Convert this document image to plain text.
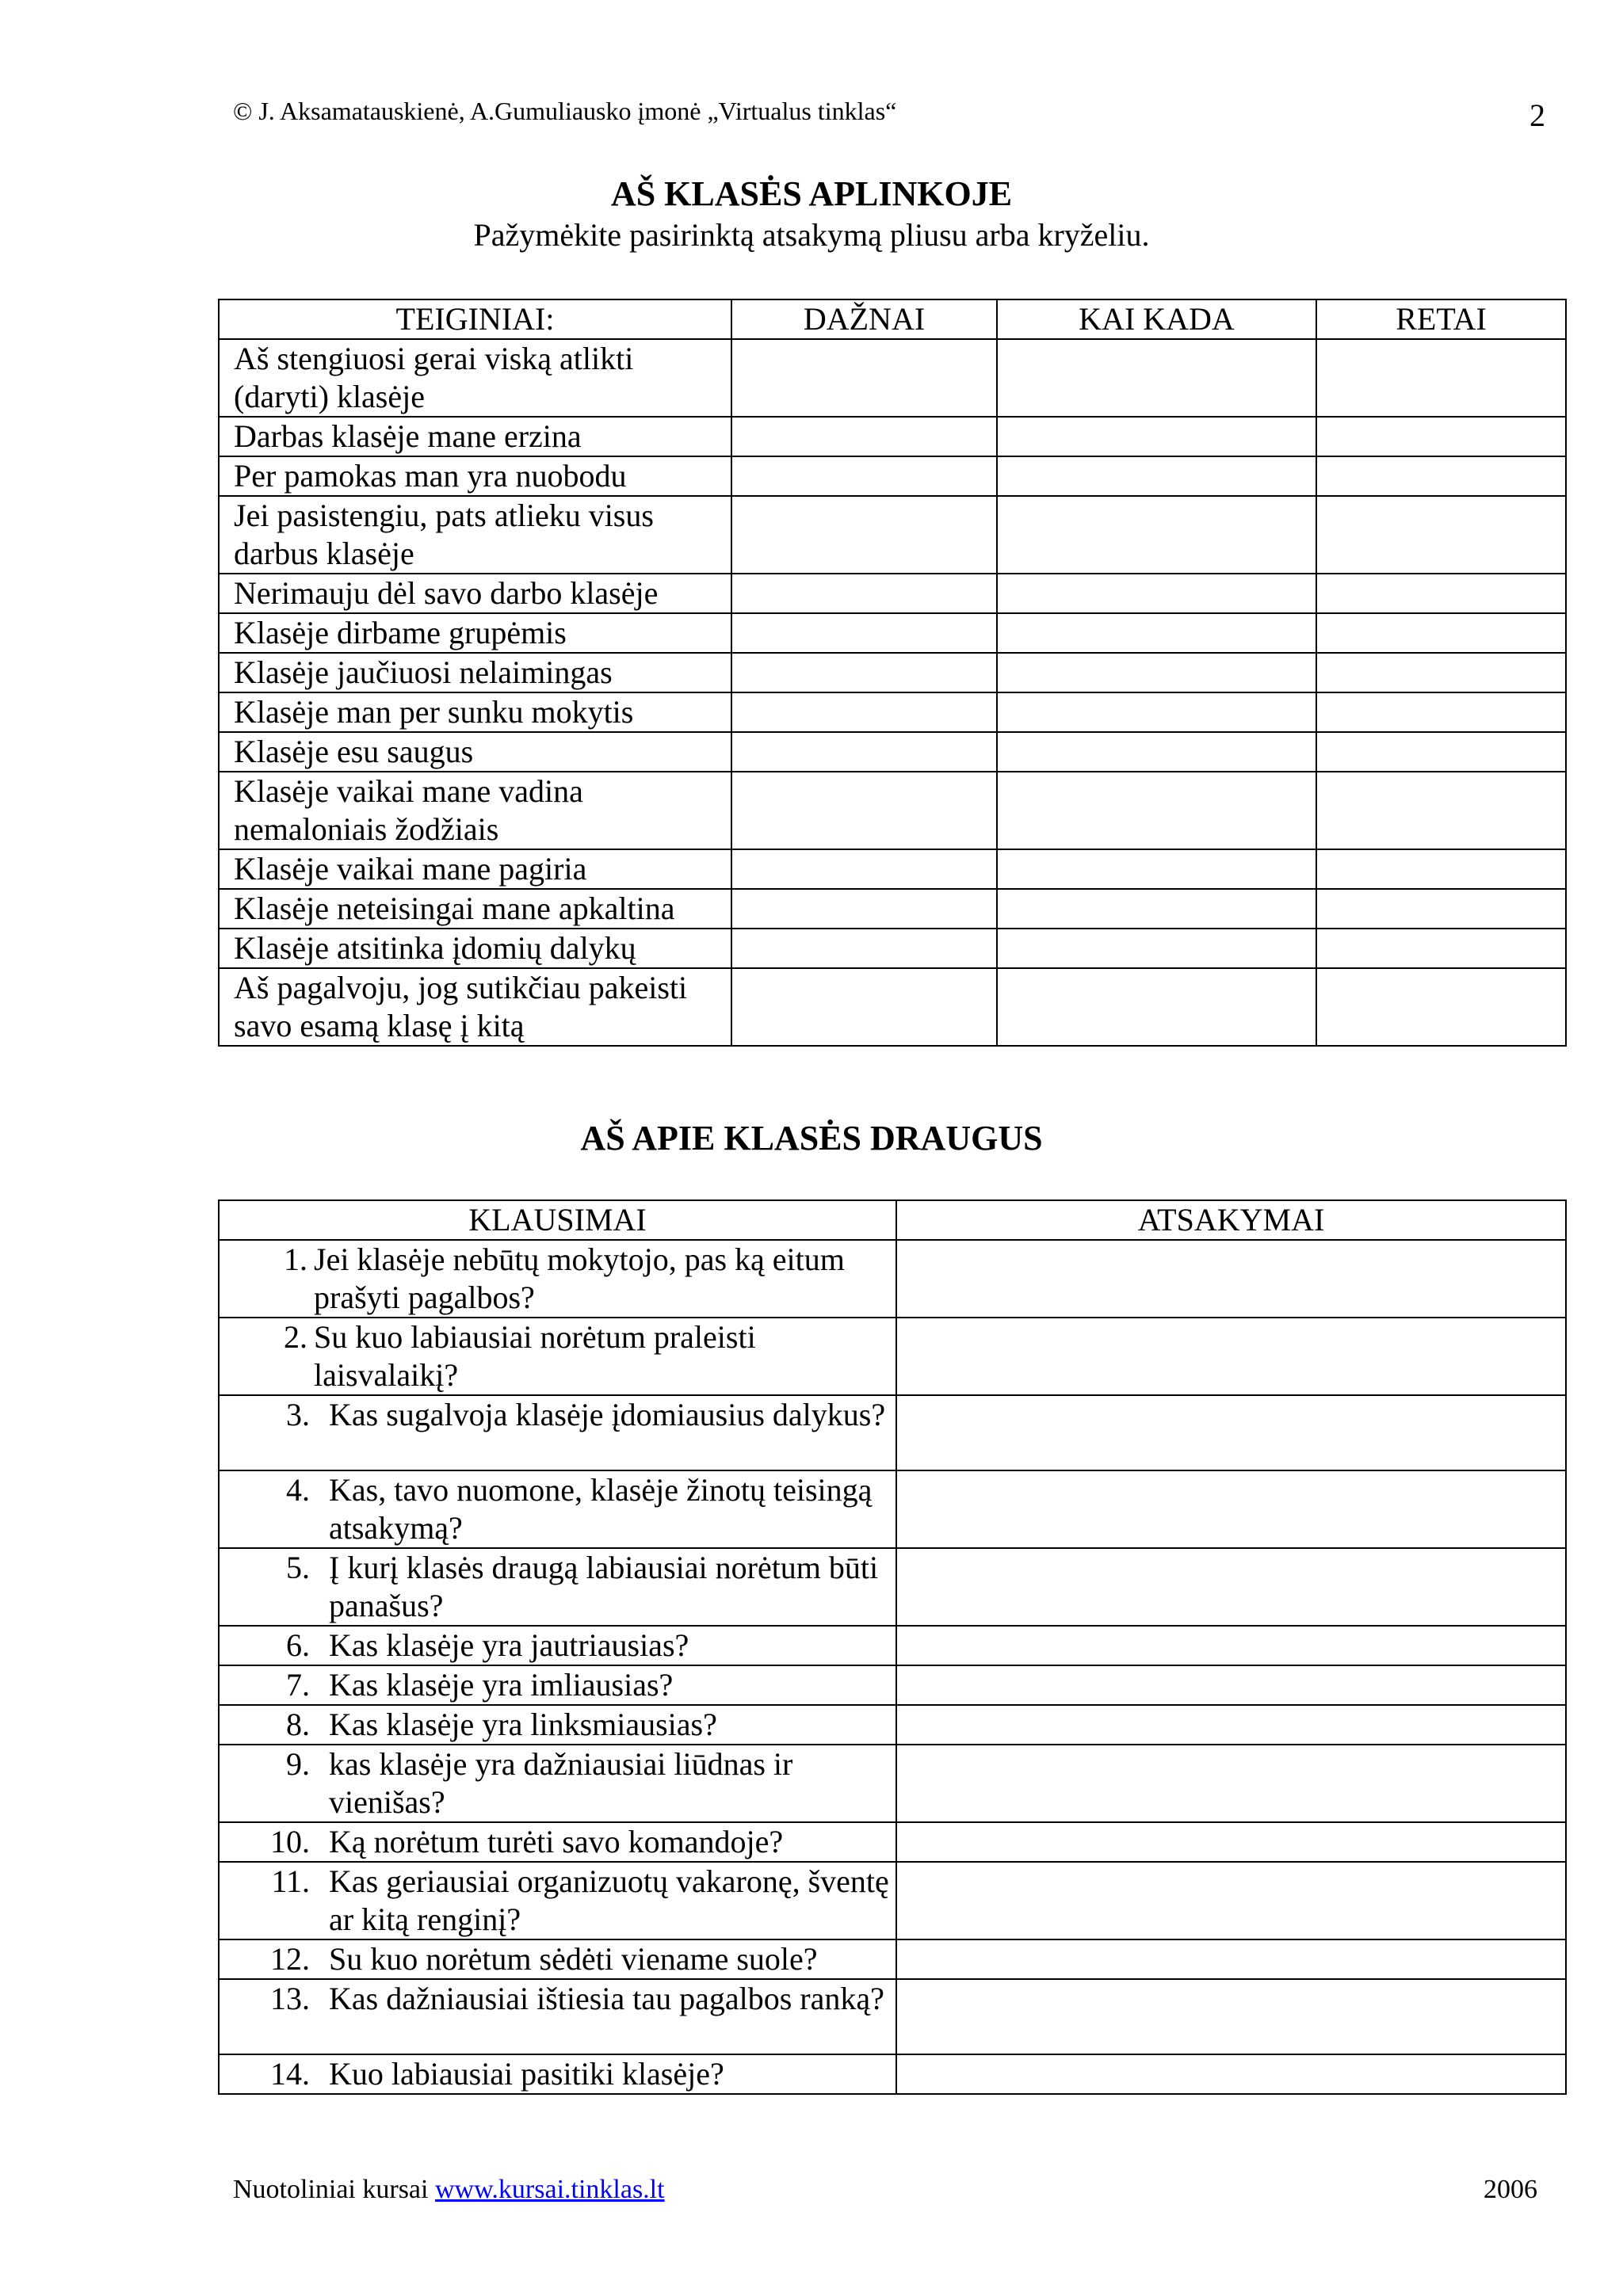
© J. Aksamatauskienė, A.Gumuliausko įmonė „Virtualus tinklas“	2
AŠ KLASĖS APLINKOJE
Pažymėkite pasirinktą atsakymą pliusu arba kryželiu.
TEIGINIAI:	DAŽNAI	KAI KADA	RETAI
Aš stengiuosi gerai viską atlikti (daryti) klasėje			
Darbas klasėje mane erzina			
Per pamokas man yra nuobodu			
Jei pasistengiu, pats atlieku visus darbus klasėje			
Nerimauju dėl savo darbo klasėje			
Klasėje dirbame grupėmis			
Klasėje jaučiuosi nelaimingas			
Klasėje man per sunku mokytis			
Klasėje esu saugus			
Klasėje vaikai mane vadina nemaloniais žodžiais			
Klasėje vaikai mane pagiria			
Klasėje neteisingai mane apkaltina			
Klasėje atsitinka įdomių dalykų			
Aš pagalvoju, jog sutikčiau pakeisti savo esamą klasę į kitą			
AŠ APIE KLASĖS DRAUGUS
KLAUSIMAI	ATSAKYMAI

1. Jei klasėje nebūtų mokytojo, pas ką eitum prašyti pagalbos?	

2. Su kuo labiausiai norėtum praleisti laisvalaikį?	

3. Kas sugalvoja klasėje įdomiausius dalykus?	

4. Kas, tavo nuomone, klasėje žinotų teisingą atsakymą?	

5. Į kurį klasės draugą labiausiai norėtum būti panašus?	

6. Kas klasėje yra jautriausias?	

7. Kas klasėje yra imliausias?	

8. Kas klasėje yra linksmiausias?	

9. kas klasėje yra dažniausiai liūdnas ir vienišas?	

10. Ką norėtum turėti savo komandoje?	

11. Kas geriausiai organizuotų vakaronę, šventę ar kitą renginį?	

12. Su kuo norėtum sėdėti viename suole?	

13. Kas dažniausiai ištiesia tau pagalbos ranką?	

14. Kuo labiausiai pasitiki klasėje?	

Nuotoliniai kursai www.kursai.tinklas.lt	2006
